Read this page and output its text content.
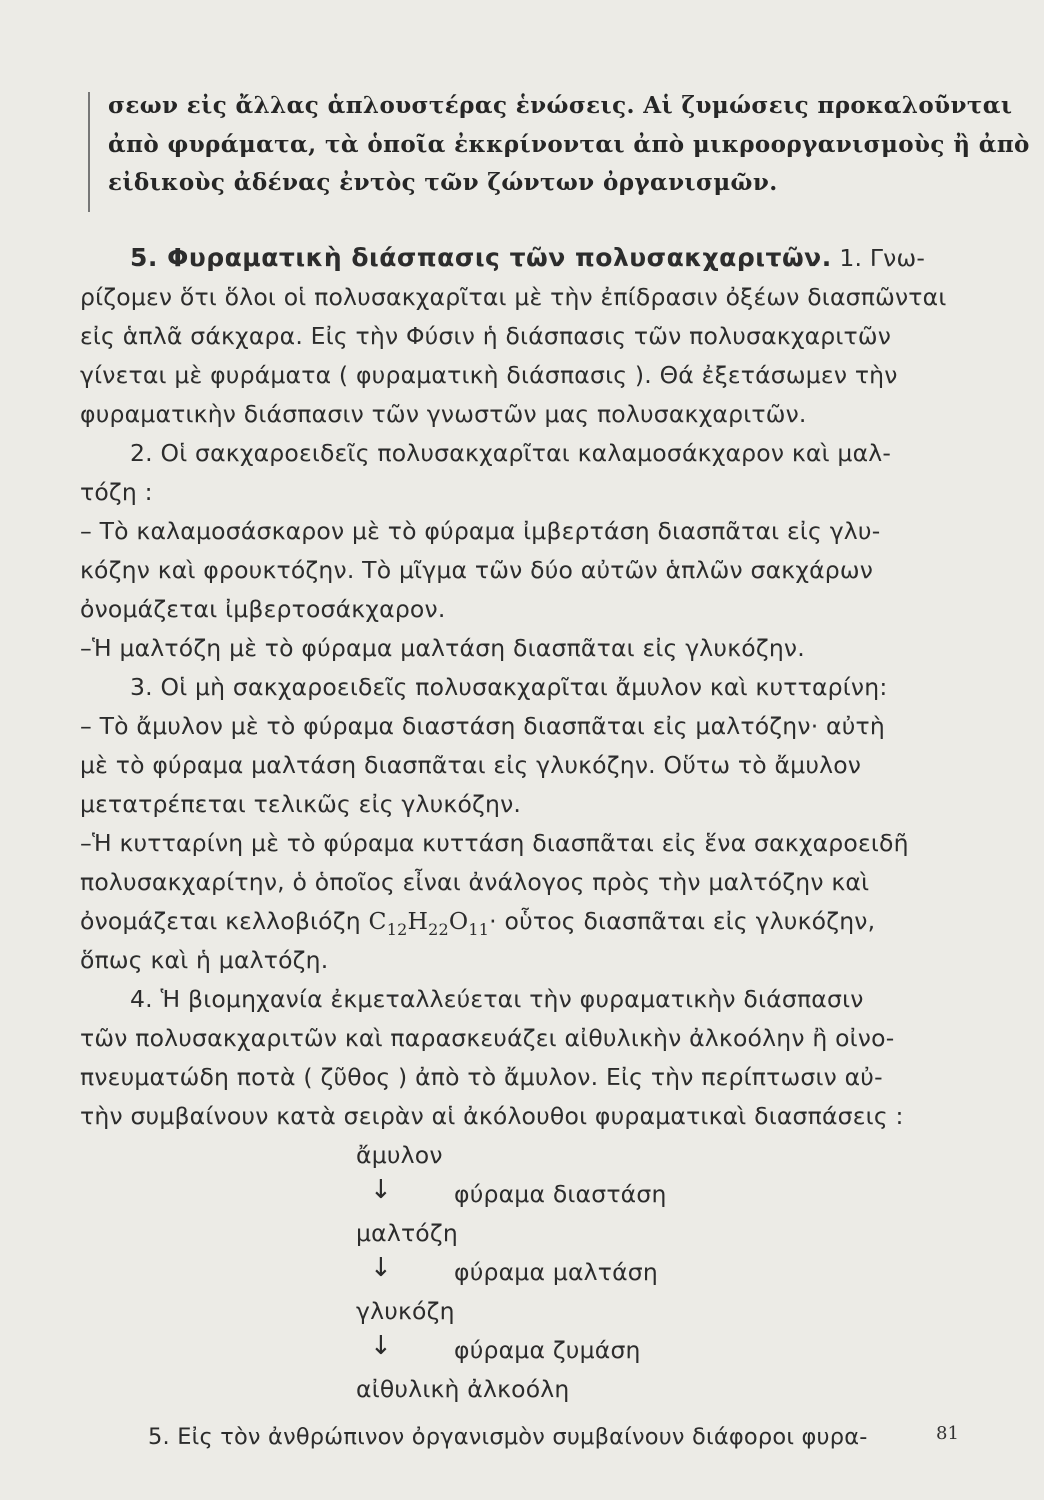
σεων εἰς ἄλλας ἁπλουστέρας ἑνώσεις. Αἱ ζυμώσεις προκαλοῦνται
ἀπὸ φυράματα, τὰ ὁποῖα ἐκκρίνονται ἀπὸ μικροοργανισμοὺς ἢ ἀπὸ
εἰδικοὺς ἀδένας ἐντὸς τῶν ζώντων ὀργανισμῶν.
5. Φυραματικὴ διάσπασις τῶν πολυσακχαριτῶν. 1. Γνω-
ρίζομεν ὅτι ὅλοι οἱ πολυσακχαρῖται μὲ τὴν ἐπίδρασιν ὀξέων διασπῶνται
εἰς ἁπλᾶ σάκχαρα. Εἰς τὴν Φύσιν ἡ διάσπασις τῶν πολυσακχαριτῶν
γίνεται μὲ φυράματα ( φυραματικὴ διάσπασις ). Θά ἐξετάσωμεν τὴν
φυραματικὴν διάσπασιν τῶν γνωστῶν μας πολυσακχαριτῶν.
2. Οἱ σακχαροειδεῖς πολυσακχαρῖται καλαμοσάκχαρον καὶ μαλ-
τόζη :
– Τὸ καλαμοσάσκαρον μὲ τὸ φύραμα ἰμβερτάση διασπᾶται εἰς γλυ-
κόζην καὶ φρουκτόζην. Τὸ μῖγμα τῶν δύο αὐτῶν ἁπλῶν σακχάρων
ὀνομάζεται ἰμβερτοσάκχαρον.
–Ἡ μαλτόζη μὲ τὸ φύραμα μαλτάση διασπᾶται εἰς γλυκόζην.
3. Οἱ μὴ σακχαροειδεῖς πολυσακχαρῖται ἄμυλον καὶ κυτταρίνη:
– Τὸ ἄμυλον μὲ τὸ φύραμα διαστάση διασπᾶται εἰς μαλτόζην· αὐτὴ
μὲ τὸ φύραμα μαλτάση διασπᾶται εἰς γλυκόζην. Οὕτω τὸ ἄμυλον
μετατρέπεται τελικῶς εἰς γλυκόζην.
–Ἡ κυτταρίνη μὲ τὸ φύραμα κυττάση διασπᾶται εἰς ἕνα σακχαροειδῆ
πολυσακχαρίτην, ὁ ὁποῖος εἶναι ἀνάλογος πρὸς τὴν μαλτόζην καὶ
ὀνομάζεται κελλοβιόζη $C_{12}H_{22}O_{11}\cdot$ οὗτος διασπᾶται εἰς γλυκόζην,
ὅπως καὶ ἡ μαλτόζη.
4. Ἡ βιομηχανία ἐκμεταλλεύεται τὴν φυραματικὴν διάσπασιν
τῶν πολυσακχαριτῶν καὶ παρασκευάζει αἰθυλικὴν ἀλκοόλην ἢ οἰνο-
πνευματώδη ποτὰ ( ζῦθος ) ἀπὸ τὸ ἄμυλον. Εἰς τὴν περίπτωσιν αὐ-
τὴν συμβαίνουν κατὰ σειρὰν αἱ ἀκόλουθοι φυραματικαὶ διασπάσεις :
ἄμυλον
↓	φύραμα διαστάση
μαλτόζη
↓	φύραμα μαλτάση
γλυκόζη
↓	φύραμα ζυμάση
αἰθυλικὴ ἀλκοόλη
5. Εἰς τὸν ἀνθρώπινον ὀργανισμὸν συμβαίνουν διάφοροι φυρα-	81
